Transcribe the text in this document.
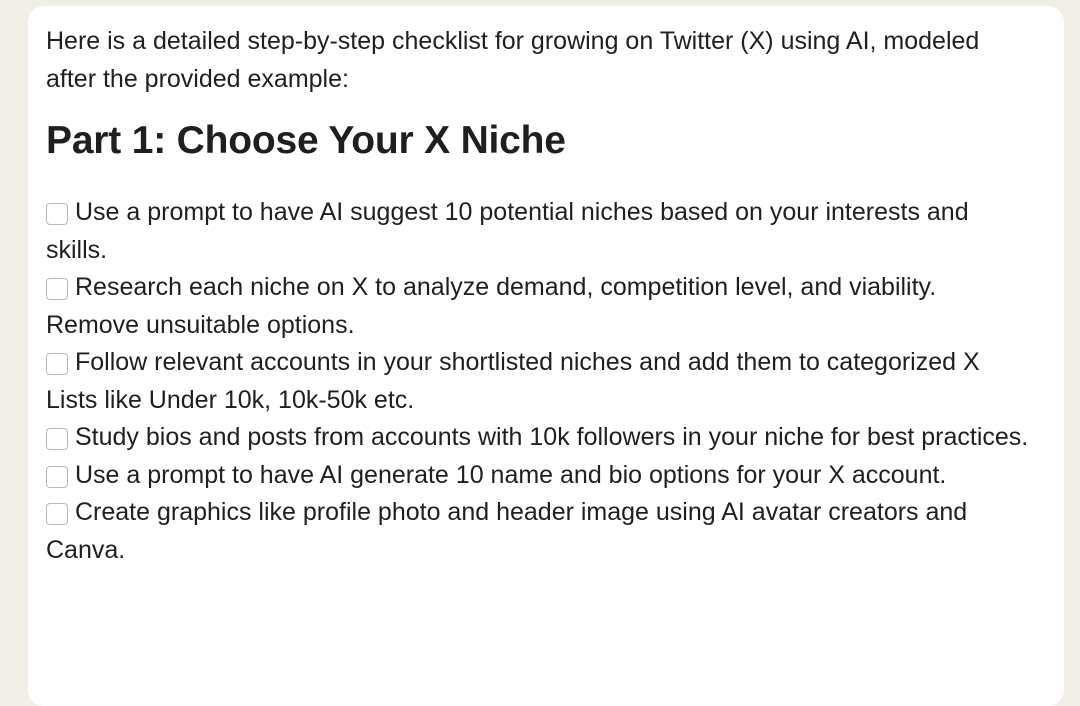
Here is a detailed step-by-step checklist for growing on Twitter (X) using AI, modeled after the provided example:

Part 1: Choose Your X Niche
Use a prompt to have AI suggest 10 potential niches based on your interests and skills.
Research each niche on X to analyze demand, competition level, and viability. Remove unsuitable options.
Follow relevant accounts in your shortlisted niches and add them to categorized X Lists like Under 10k, 10k-50k etc.
Study bios and posts from accounts with 10k followers in your niche for best practices.
Use a prompt to have AI generate 10 name and bio options for your X account.
Create graphics like profile photo and header image using AI avatar creators and Canva.
